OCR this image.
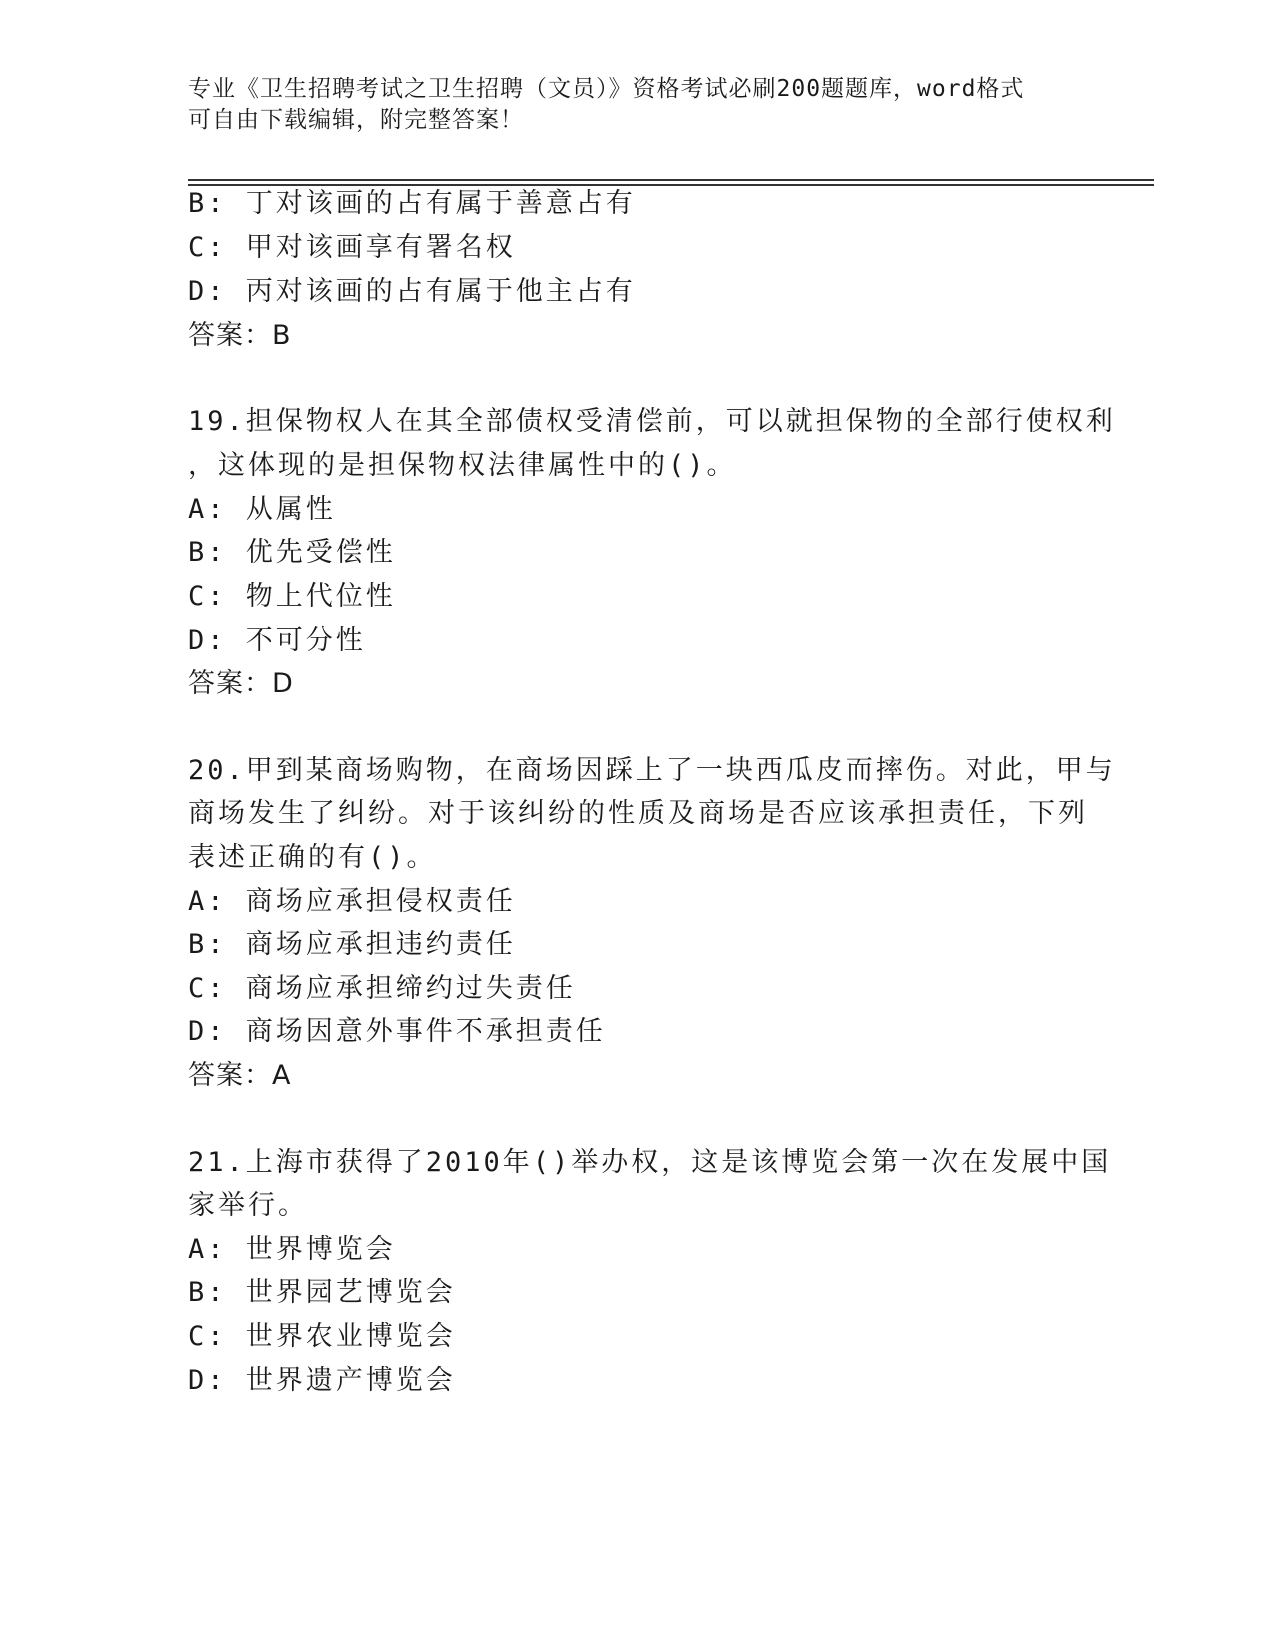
专业《卫生招聘考试之卫生招聘（文员）》资格考试必刷200题题库，word格式
可自由下载编辑，附完整答案！
B: 丁对该画的占有属于善意占有
C: 甲对该画享有署名权
D: 丙对该画的占有属于他主占有
答案：B
19.担保物权人在其全部债权受清偿前，可以就担保物的全部行使权利
，这体现的是担保物权法律属性中的()。
A: 从属性
B: 优先受偿性
C: 物上代位性
D: 不可分性
答案：D
20.甲到某商场购物，在商场因踩上了一块西瓜皮而摔伤。对此，甲与
商场发生了纠纷。对于该纠纷的性质及商场是否应该承担责任，下列
表述正确的有()。
A: 商场应承担侵权责任
B: 商场应承担违约责任
C: 商场应承担缔约过失责任
D: 商场因意外事件不承担责任
答案：A
21.上海市获得了2010年()举办权，这是该博览会第一次在发展中国
家举行。
A: 世界博览会
B: 世界园艺博览会
C: 世界农业博览会
D: 世界遗产博览会
